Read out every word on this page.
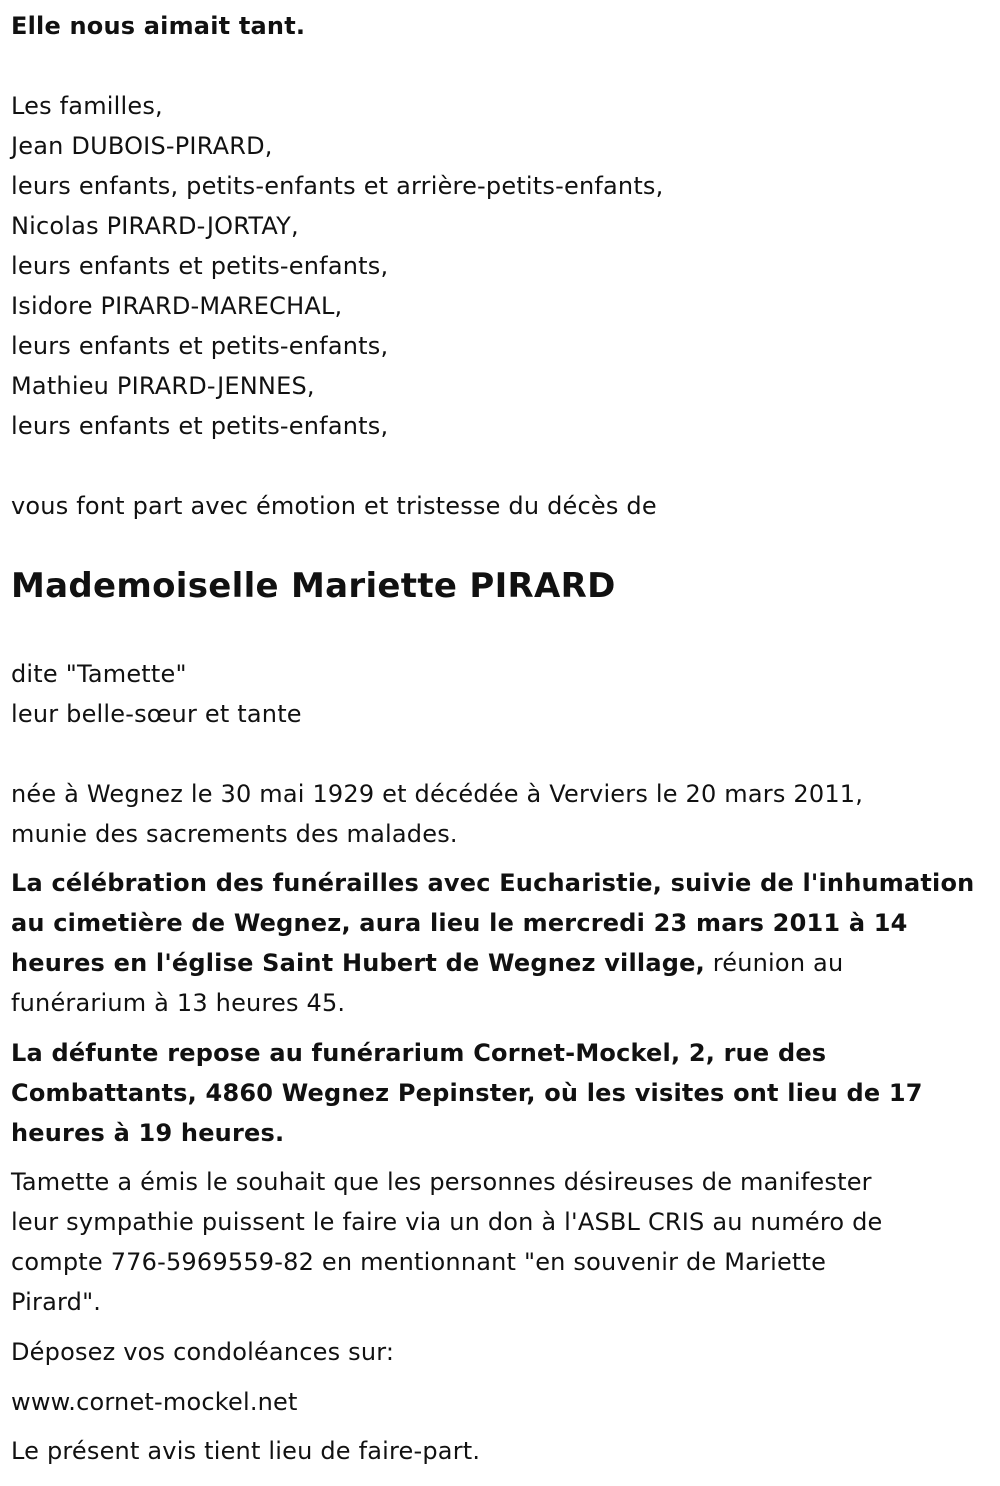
Elle nous aimait tant.
Les familles,
Jean DUBOIS-PIRARD,
leurs enfants, petits-enfants et arrière-petits-enfants,
Nicolas PIRARD-JORTAY,
leurs enfants et petits-enfants,
Isidore PIRARD-MARECHAL,
leurs enfants et petits-enfants,
Mathieu PIRARD-JENNES,
leurs enfants et petits-enfants,
vous font part avec émotion et tristesse du décès de
Mademoiselle Mariette PIRARD
dite "Tamette"
leur belle-sœur et tante
née à Wegnez le 30 mai 1929 et décédée à Verviers le 20 mars 2011,
munie des sacrements des malades.
La célébration des funérailles avec Eucharistie, suivie de l'inhumation
au cimetière de Wegnez, aura lieu le mercredi 23 mars 2011 à 14
heures en l'église Saint Hubert de Wegnez village, réunion au
funérarium à 13 heures 45.
La défunte repose au funérarium Cornet-Mockel, 2, rue des
Combattants, 4860 Wegnez Pepinster, où les visites ont lieu de 17
heures à 19 heures.
Tamette a émis le souhait que les personnes désireuses de manifester
leur sympathie puissent le faire via un don à l'ASBL CRIS au numéro de
compte 776-5969559-82 en mentionnant "en souvenir de Mariette
Pirard".
Déposez vos condoléances sur:
www.cornet-mockel.net
Le présent avis tient lieu de faire-part.
